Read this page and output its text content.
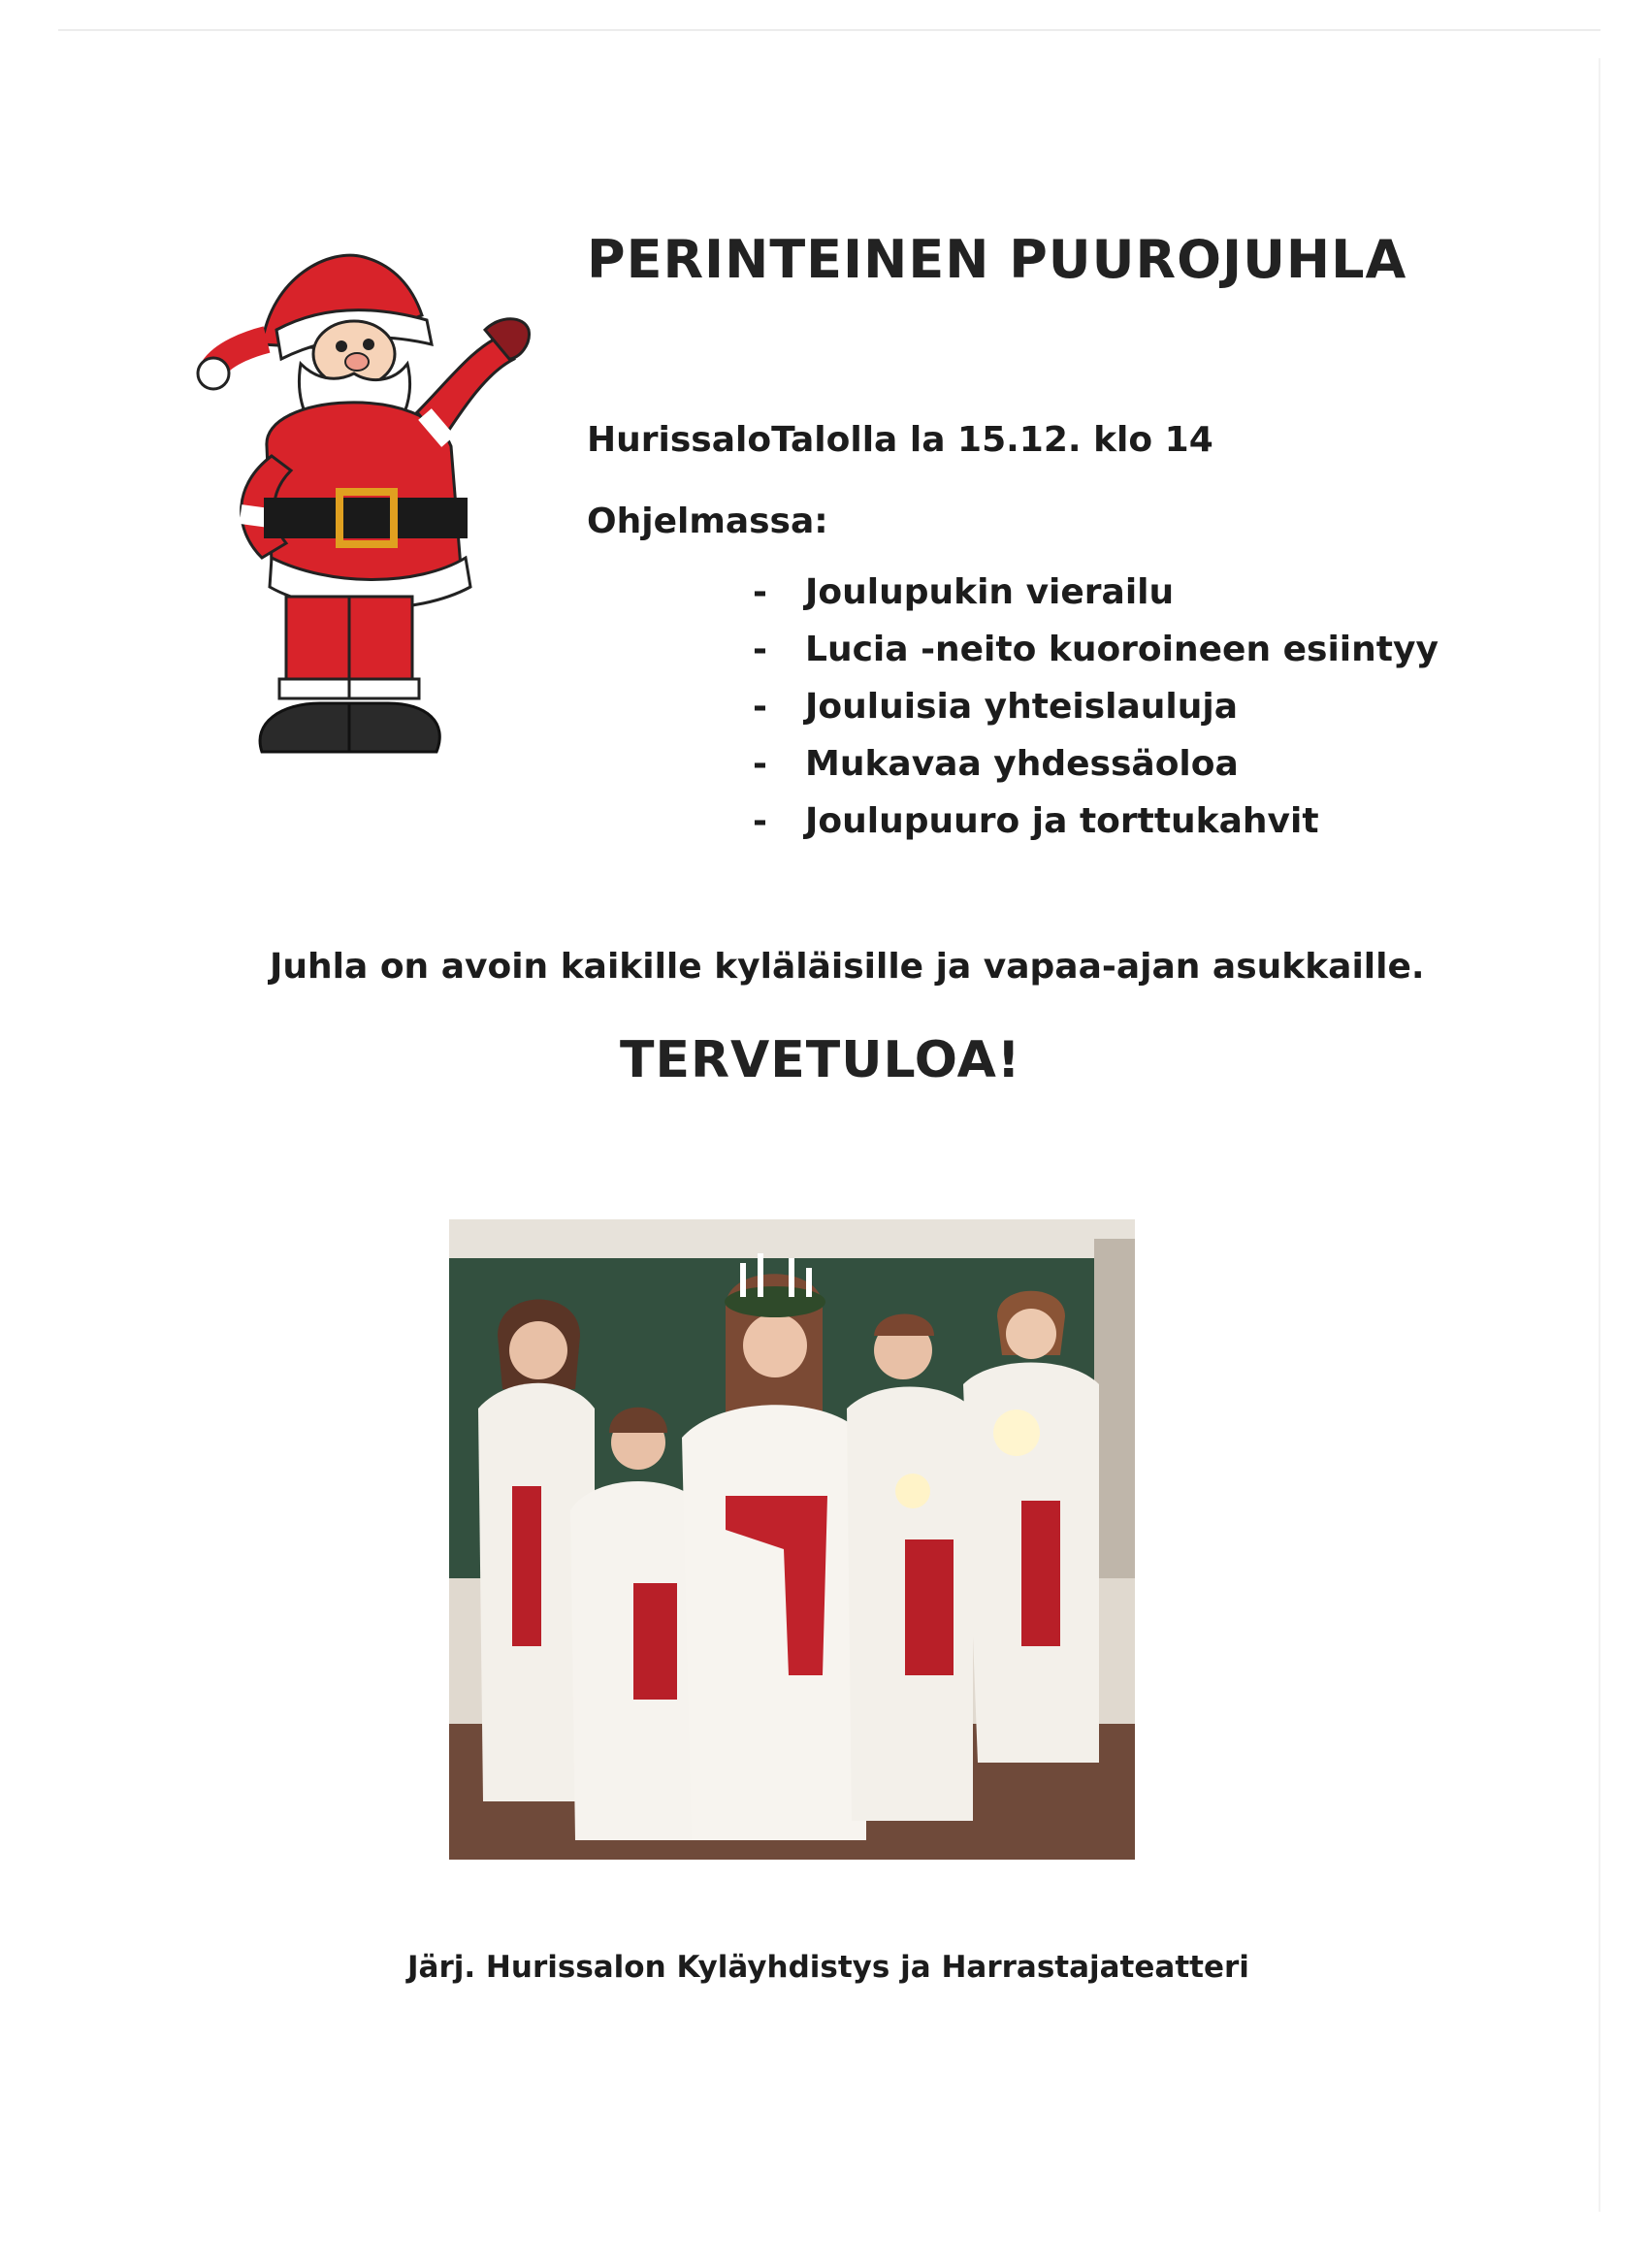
PERINTEINEN PUUROJUHLA
HurissaloTalolla la 15.12. klo 14
Ohjelmassa:
- Joulupukin vierailu
- Lucia -neito kuoroineen esiintyy
- Jouluisia yhteislauluja
- Mukavaa yhdessäoloa
- Joulupuuro ja torttukahvit
Juhla on avoin kaikille kyläläisille ja vapaa-ajan asukkaille.
TERVETULOA!
Järj. Hurissalon Kyläyhdistys ja Harrastajateatteri
